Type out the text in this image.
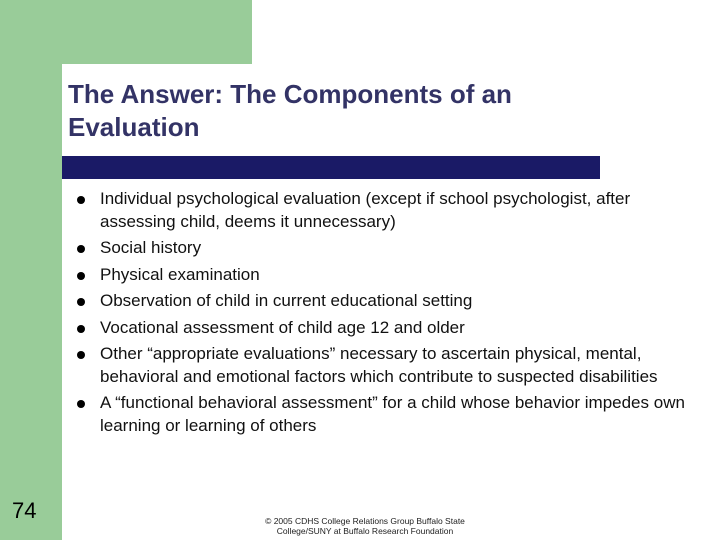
The Answer: The Components of an
Evaluation
Individual psychological evaluation (except if school psychologist, after assessing child, deems it unnecessary)
Social history
Physical examination
Observation of child in current educational setting
Vocational assessment of child age 12 and older
Other “appropriate evaluations” necessary to ascertain physical, mental, behavioral and emotional factors which contribute to suspected disabilities
A “functional behavioral assessment” for a child whose behavior impedes own learning or learning of others
74	© 2005 CDHS College Relations Group Buffalo State
College/SUNY at Buffalo Research Foundation
